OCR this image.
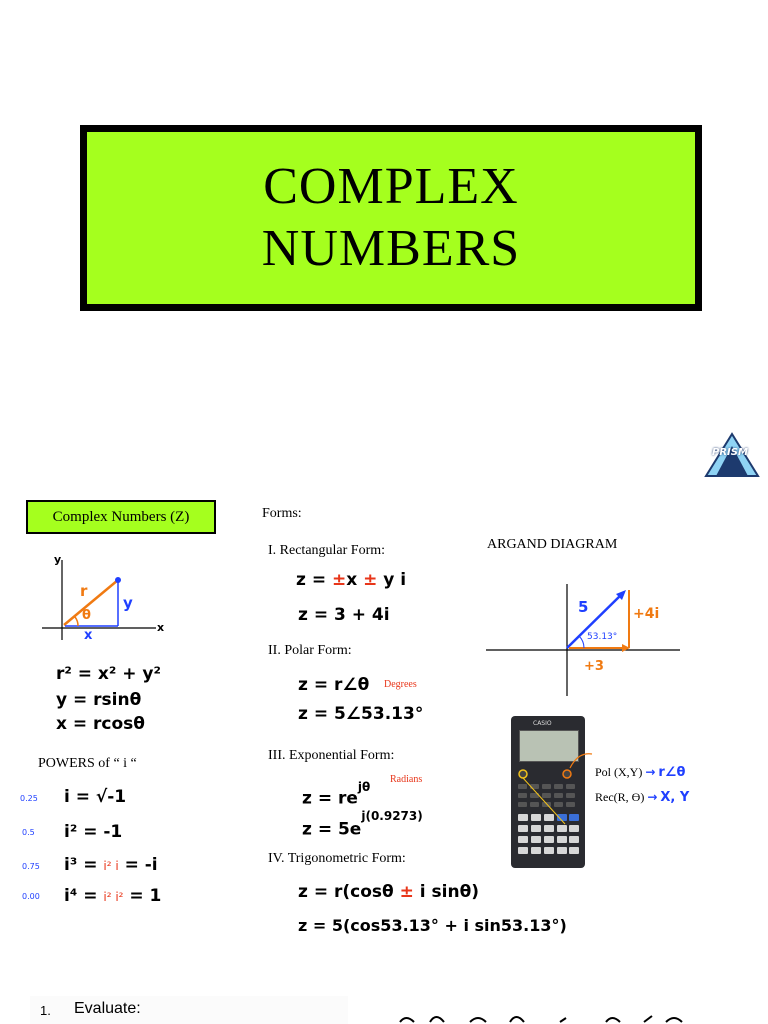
COMPLEX
NUMBERS
PRISM
Complex Numbers (Z)
y
x
r
θ
y
x
r² = x² + y²
y = rsinθ
x = rcosθ
POWERS of “ i “
0.25 i = √-1
0.5 i² = -1
0.75 i³ = i² i = -i
0.00 i⁴ = i² i² = 1
Forms:
I. Rectangular Form:
z = ±x ± y i
z = 3 + 4i
II. Polar Form:
z = r∠θ Degrees
z = 5∠53.13°
III. Exponential Form:
$z = re^{j\theta}$
Radians
$z = 5e^{j(0.9273)}$
IV. Trigonometric Form:
z = r(cosθ ± i sinθ)
z = 5(cos53.13° + i sin53.13°)
ARGAND DIAGRAM
5	+4i
+3
53.13°
CASIO
Pol (X,Y) → r∠θ
Rec(R, ϴ) → X, Y
1. Evaluate:
